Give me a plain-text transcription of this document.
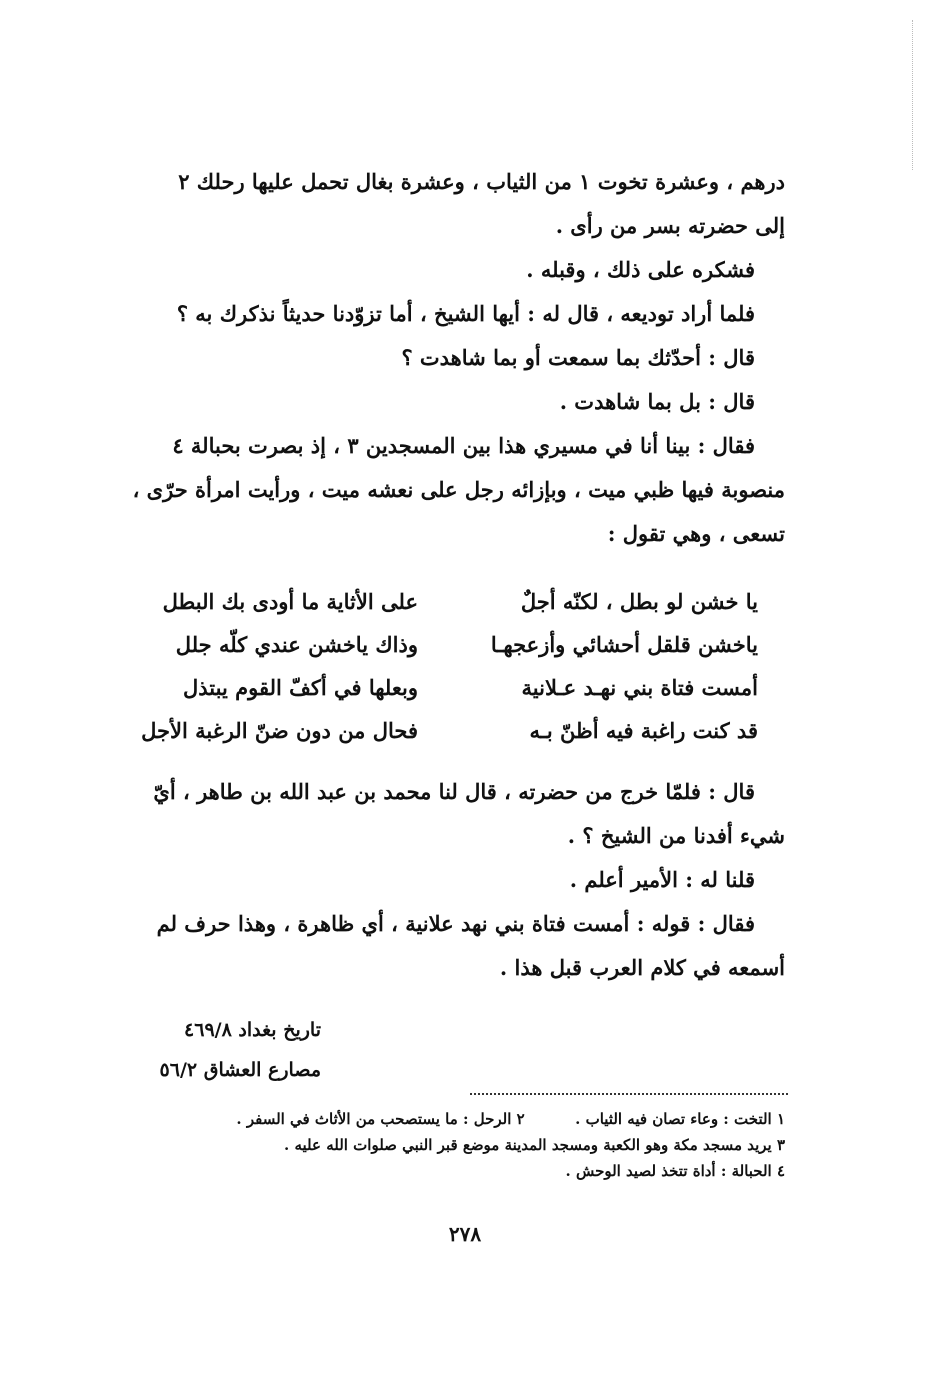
درهم ، وعشرة تخوت ١ من الثياب ، وعشرة بغال تحمل عليها رحلك ٢
إلى حضرته بسر من رأى .
فشكره على ذلك ، وقبله .
فلما أراد توديعه ، قال له : أيها الشيخ ، أما تزوّدنا حديثاً نذكرك به ؟
قال : أحدّثك بما سمعت أو بما شاهدت ؟
قال : بل بما شاهدت .
فقال : بينا أنا في مسيري هذا بين المسجدين ٣ ، إذ بصرت بحبالة ٤
منصوبة فيها ظبي ميت ، وبإزائه رجل على نعشه ميت ، ورأيت امرأة حرّى ،
تسعى ، وهي تقول :
يا خشن لو بطل ، لكنّه أجلٌ
على الأثاية ما أودى بك البطل
ياخشن قلقل أحشائي وأزعجهـا
وذاك ياخشن عندي كلّه جلل
أمست فتاة بني نهـد عـلانية
وبعلها في أكفّ القوم يبتذل
قد كنت راغبة فيه أظنّ بـه
فحال من دون ضنّ الرغبة الأجل
قال : فلمّا خرج من حضرته ، قال لنا محمد بن عبد الله بن طاهر ، أيّ
شيء أفدنا من الشيخ ؟ .
قلنا له : الأمير أعلم .
فقال : قوله : أمست فتاة بني نهد علانية ، أي ظاهرة ، وهذا حرف لم
أسمعه في كلام العرب قبل هذا .
تاريخ بغداد ٤٦٩/٨
مصارع العشاق ٥٦/٢
١ التخت : وعاء تصان فيه الثياب .  ٢ الرحل : ما يستصحب من الأثاث في السفر .
٣ يريد مسجد مكة وهو الكعبة ومسجد المدينة موضع قبر النبي صلوات الله عليه .
٤ الحبالة : أداة تتخذ لصيد الوحش .
٢٧٨
